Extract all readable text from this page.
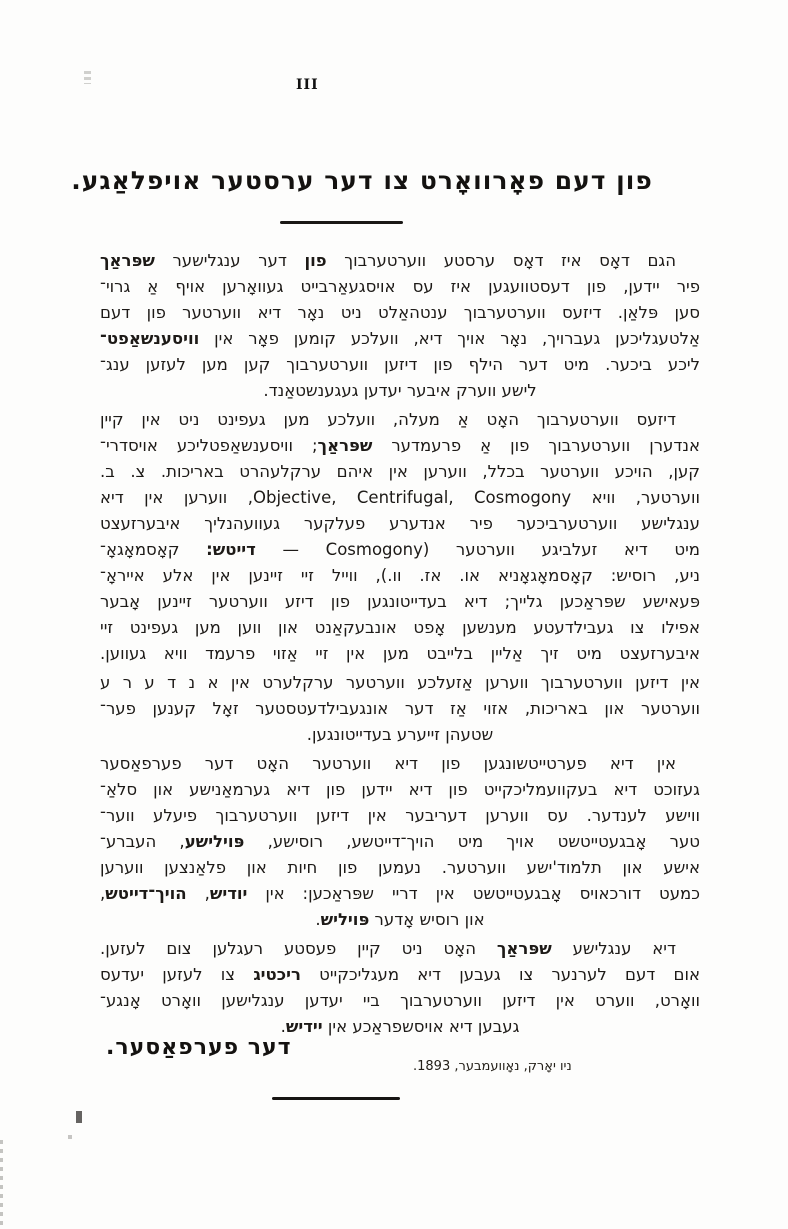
III
פון דעם פאָרוואָרט צו דער ערסטער אויפלאַגע.
הגם דאָס איז דאָס ערסטע ווערטערבוך פון דער ענגלישער שפּראַך
פיר יידען, פון דעסטוועגען איז עס אויסגעאַרבייט געוואָרען אויף אַ גרוי־
סען פּלאַן. דיזעס ווערטערבוך ענטהאַלט ניט נאָר דיא ווערטער פון דעם
אַלטעגליכען געברויך, נאָר אויך דיא, וועלכע קומען פאָר אין וויסענשאַפט־
ליכע ביכער. מיט דער הילף פון דיזען ווערטערבוך קען מען לעזען ענג־
לישע ווערק איבער יעדען געגענשטאַנד.
דיזעס ווערטערבוך האָט אַ מעלה, וועלכע מען געפינט ניט אין קיין
אנדערן ווערטערבוך פון אַ פרעמדער שפּראַך; וויסענשאַפטליכע אויסדרי־
קען, הויכע ווערטער בכלל, ווערען אין איהם ערקלעהרט באריכות. צ. ב.
ווערטער, וויא Objective, Centrifugal, Cosmogony, ווערען אין דיא
ענגלישע ווערטערביכער פיר אנדערע פעלקער געוועהנליך איבערזעצט
מיט דיא זעלביגע ווערטער (Cosmogony — דייטש: קאָסמאָגאָ־
ניע, רוסיש: קאָסמאָגאָניא או. אז. וו.), ווייל זיי זיינען אין אלע אייראָ־
פּעאישע שפּראַכען גלייך; דיא בעדייטונגען פון דיזע ווערטער זיינען אָבער
אפילו צו געבילדעטע מענשען אָפט אונבעקאַנט און ווען מען געפינט זיי
איבערזעצט מיט זיך אַליין בלייבט מען אין זיי אַזוי פרעמד וויא געווען.
אין דיזען ווערטערבוך ווערען אַזעלכע ווערטער ערקלערט אין א נ ד ע ר ע
ווערטער און באריכות, אזוי אַז דער אונגעבילדעטסטער זאָל קענען פער־
שטעהן זייערע בעדייטונגען.
אין דיא פערטייטשונגען פון דיא ווערטער האָט דער פערפאַסער
געזוכט דיא בעקוועמליכקייט פון דיא יידען פון דיא גערמאַנישע און סלאַ־
ווישע לענדער. עס ווערען דעריבער אין דיזען ווערטערבוך פיעלע ווער־
טער אָבגעטייטשט אויך מיט הויך־דייטשע, רוסישע, פּוילישע, העברע־
אישע און תלמוד'ישע ווערטער. נעמען פון חיות און פלאַנצען ווערען
כמעט דורכאויס אָבגעטייטשט אין דריי שפּראַכען: אין יודיש, הויך־דייטש,
און רוסיש אָדער פּויליש.
דיא ענגלישע שפּראַך האָט ניט קיין פעסטע רעגלען צום לעזען.
אום דעם לערנער צו געבען דיא מעגליכקייט ריכטיג צו לעזען יעדעס
וואָרט, ווערט אין דיזען ווערטערבוך ביי יעדען ענגלישען וואָרט אָנגע־
געבען דיא אויסשפראַכע אין יידיש.
דער פערפאַסער.
ניו יאָרק, נאָוועמבער, 1893.
